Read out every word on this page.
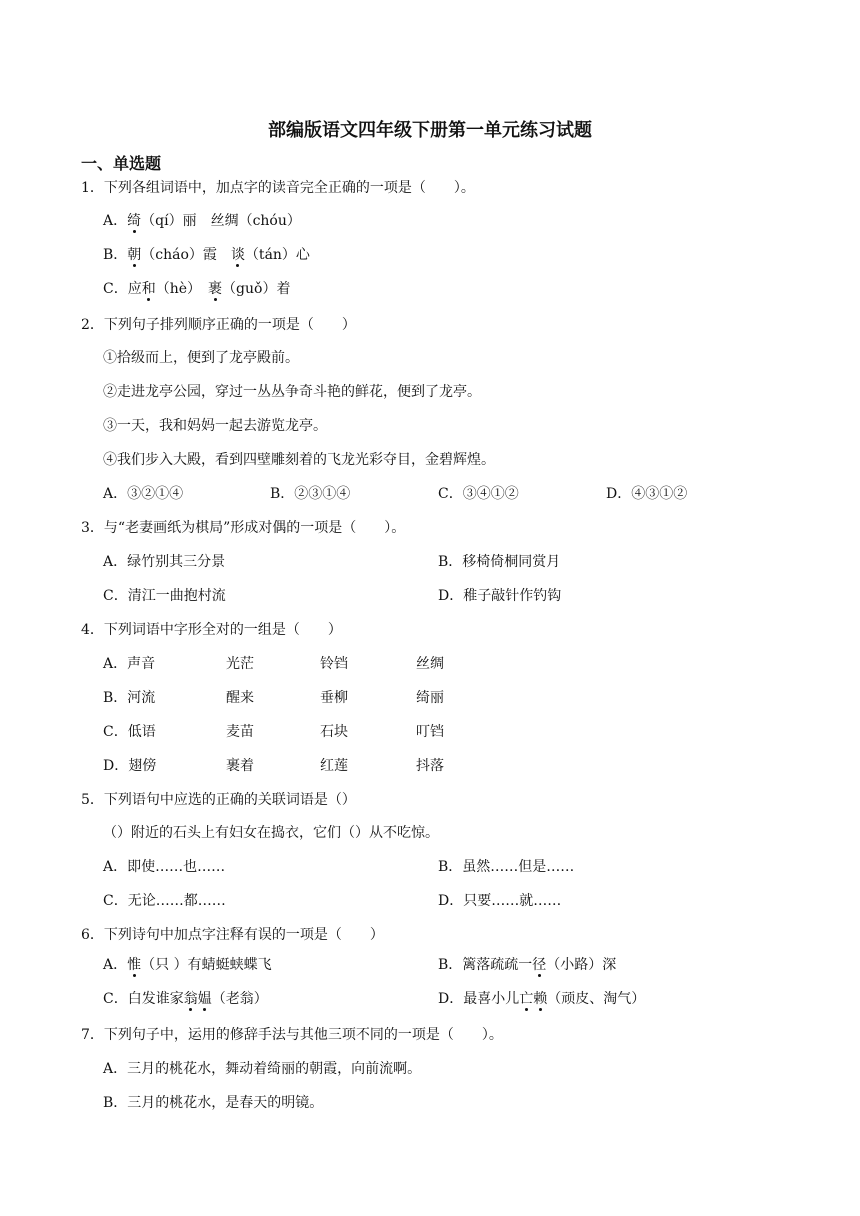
部编版语文四年级下册第一单元练习试题
一、单选题
1．下列各组词语中，加点字的读音完全正确的一项是（　　）。
A．绮（qí）丽　丝绸（chóu）
B．朝（cháo）霞　谈（tán）心
C．应和（hè）　裹（guǒ）着
2．下列句子排列顺序正确的一项是（　　）
①拾级而上，便到了龙亭殿前。
②走进龙亭公园，穿过一丛丛争奇斗艳的鲜花，便到了龙亭。
③一天，我和妈妈一起去游览龙亭。
④我们步入大殿，看到四壁雕刻着的飞龙光彩夺目，金碧辉煌。
A．③②①④	B．②③①④	C．③④①②	D．④③①②
3．与“老妻画纸为棋局”形成对偶的一项是（　　）。
A．绿竹别其三分景	B．移椅倚桐同赏月
C．清江一曲抱村流	D．稚子敲针作钓钩
4．下列词语中字形全对的一组是（　　）
A．声音	光茫	铃铛	丝绸
B．河流	醒来	垂柳	绮丽
C．低语	麦苗	石块	叮铛
D．翅傍	裹着	红莲	抖落
5．下列语句中应选的正确的关联词语是（）
（）附近的石头上有妇女在捣衣，它们（）从不吃惊。
A．即使……也……	B．虽然……但是……
C．无论……都……	D．只要……就……
6．下列诗句中加点字注释有误的一项是（　　）
A．惟（只 ）有蜻蜓蛱蝶飞	B．篱落疏疏一径（小路）深
C．白发谁家翁媪（老翁）	D．最喜小儿亡赖（顽皮、淘气）
7．下列句子中，运用的修辞手法与其他三项不同的一项是（　　）。
A．三月的桃花水，舞动着绮丽的朝霞，向前流啊。
B．三月的桃花水，是春天的明镜。
